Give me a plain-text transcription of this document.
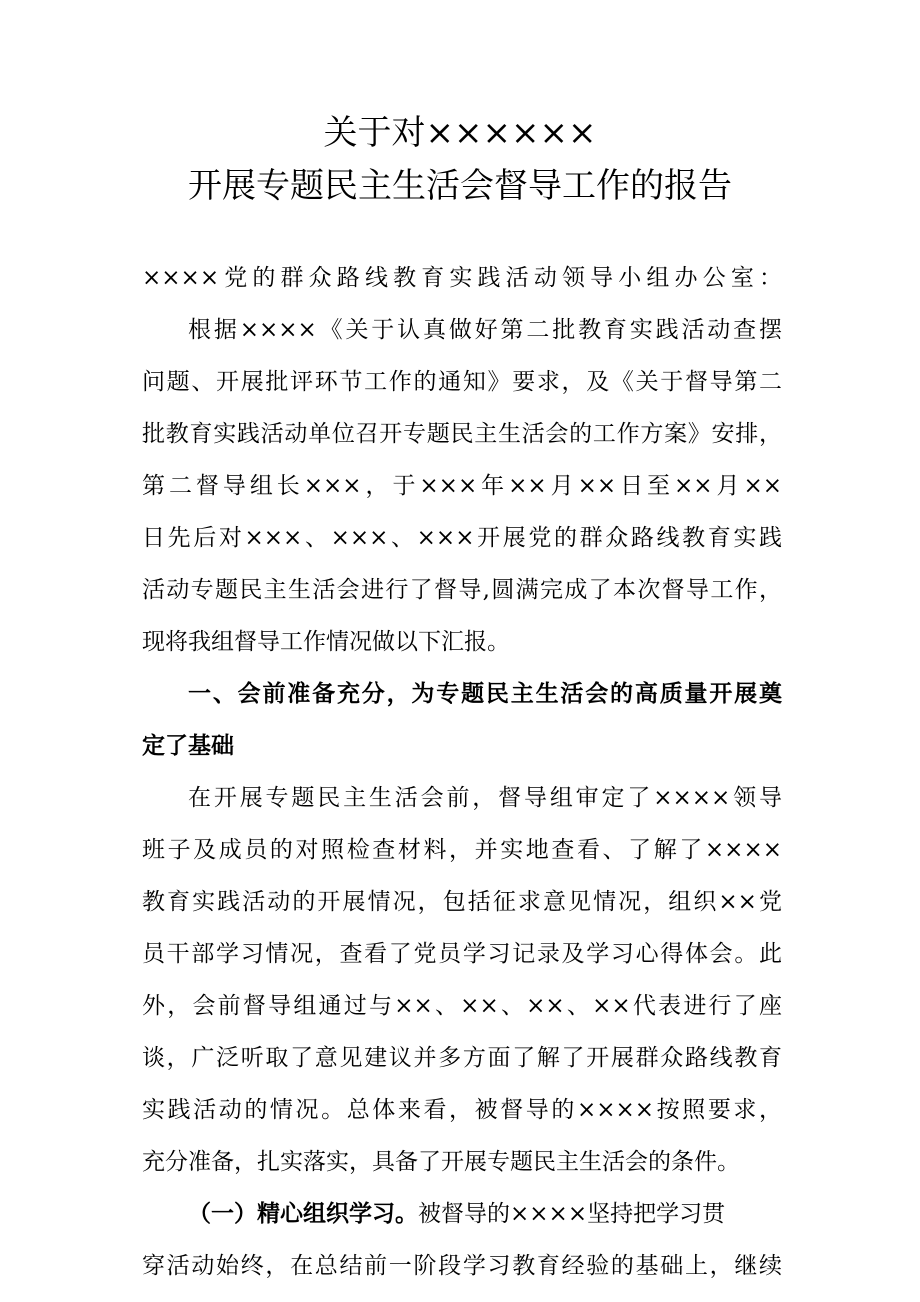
关于对××××××
开展专题民主生活会督导工作的报告
××××党的群众路线教育实践活动领导小组办公室：
根据××××《关于认真做好第二批教育实践活动查摆
问题、开展批评环节工作的通知》要求，及《关于督导第二
批教育实践活动单位召开专题民主生活会的工作方案》安排，
第二督导组长×××，于×××年××月××日至××月××
日先后对×××、×××、×××开展党的群众路线教育实践
活动专题民主生活会进行了督导,圆满完成了本次督导工作，
现将我组督导工作情况做以下汇报。
一、会前准备充分，为专题民主生活会的高质量开展奠
定了基础
在开展专题民主生活会前，督导组审定了××××领导
班子及成员的对照检查材料，并实地查看、了解了××××
教育实践活动的开展情况，包括征求意见情况，组织××党
员干部学习情况，查看了党员学习记录及学习心得体会。此
外，会前督导组通过与××、××、××、××代表进行了座
谈，广泛听取了意见建议并多方面了解了开展群众路线教育
实践活动的情况。总体来看，被督导的××××按照要求，
充分准备，扎实落实，具备了开展专题民主生活会的条件。
（一）精心组织学习。被督导的××××坚持把学习贯
穿活动始终，在总结前一阶段学习教育经验的基础上，继续
